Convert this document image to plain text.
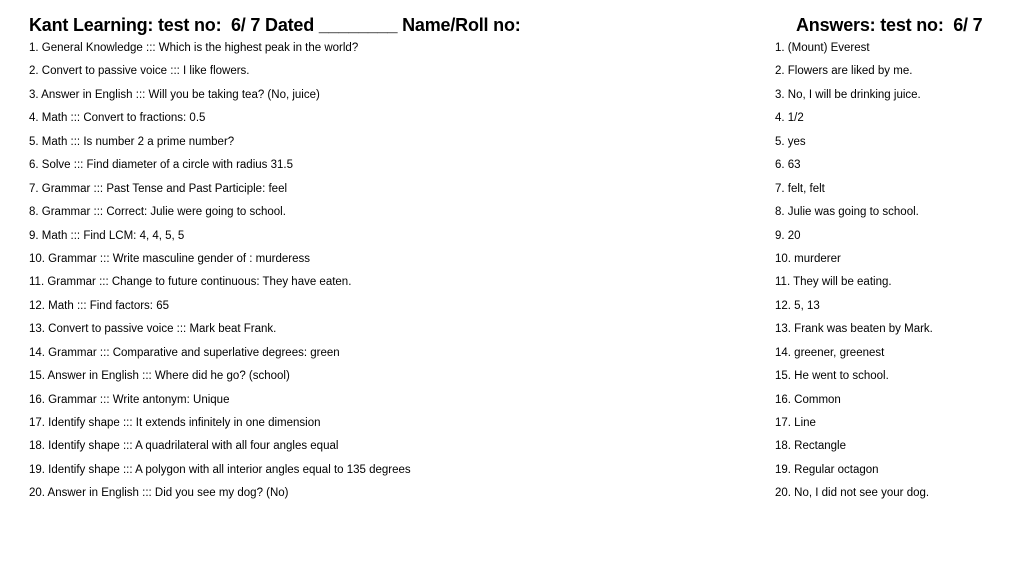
Kant Learning: test no:  6/ 7 Dated ________ Name/Roll no:	Answers: test no:  6/ 7
1. General Knowledge ::: Which is the highest peak in the world?
2. Convert to passive voice ::: I like flowers.
3. Answer in English ::: Will you be taking tea? (No, juice)
4. Math ::: Convert to fractions: 0.5
5. Math ::: Is number 2 a prime number?
6. Solve ::: Find diameter of a circle with radius 31.5
7. Grammar ::: Past Tense and Past Participle: feel
8. Grammar ::: Correct: Julie were going to school.
9. Math ::: Find LCM: 4, 4, 5, 5
10. Grammar ::: Write masculine gender of : murderess
11. Grammar ::: Change to future continuous: They have eaten.
12. Math ::: Find factors: 65
13. Convert to passive voice ::: Mark beat Frank.
14. Grammar ::: Comparative and superlative degrees: green
15. Answer in English ::: Where did he go? (school)
16. Grammar ::: Write antonym: Unique
17. Identify shape ::: It extends infinitely in one dimension
18. Identify shape ::: A quadrilateral with all four angles equal
19. Identify shape ::: A polygon with all interior angles equal to 135 degrees
20. Answer in English ::: Did you see my dog? (No)
1. (Mount) Everest
2. Flowers are liked by me.
3. No, I will be drinking juice.
4. 1/2
5. yes
6. 63
7. felt, felt
8. Julie was going to school.
9. 20
10. murderer
11. They will be eating.
12. 5, 13
13. Frank was beaten by Mark.
14. greener, greenest
15. He went to school.
16. Common
17. Line
18. Rectangle
19. Regular octagon
20. No, I did not see your dog.
